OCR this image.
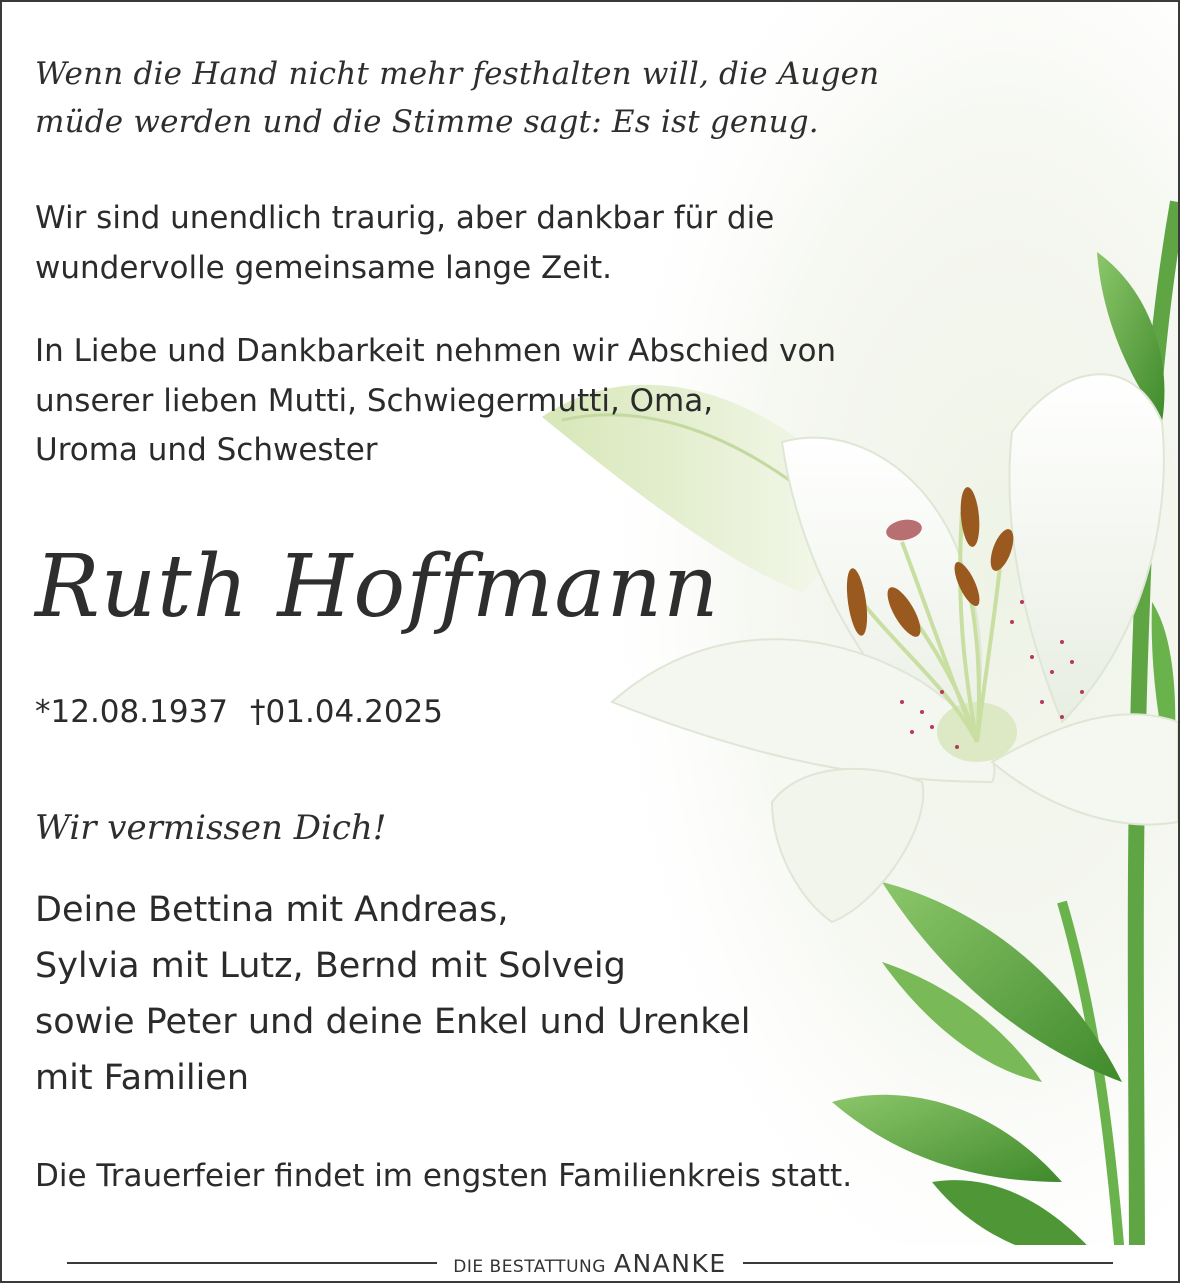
Wenn die Hand nicht mehr festhalten will, die Augen
müde werden und die Stimme sagt: Es ist genug.
Wir sind unendlich traurig, aber dankbar für die
wundervolle gemeinsame lange Zeit.
In Liebe und Dankbarkeit nehmen wir Abschied von
unserer lieben Mutti, Schwiegermutti, Oma,
Uroma und Schwester
Ruth Hoffmann
*12.08.1937 †01.04.2025
Wir vermissen Dich!
Deine Bettina mit Andreas,
Sylvia mit Lutz, Bernd mit Solveig
sowie Peter und deine Enkel und Urenkel
mit Familien
Die Trauerfeier findet im engsten Familienkreis statt.
DIE BESTATTUNG ANANKE
